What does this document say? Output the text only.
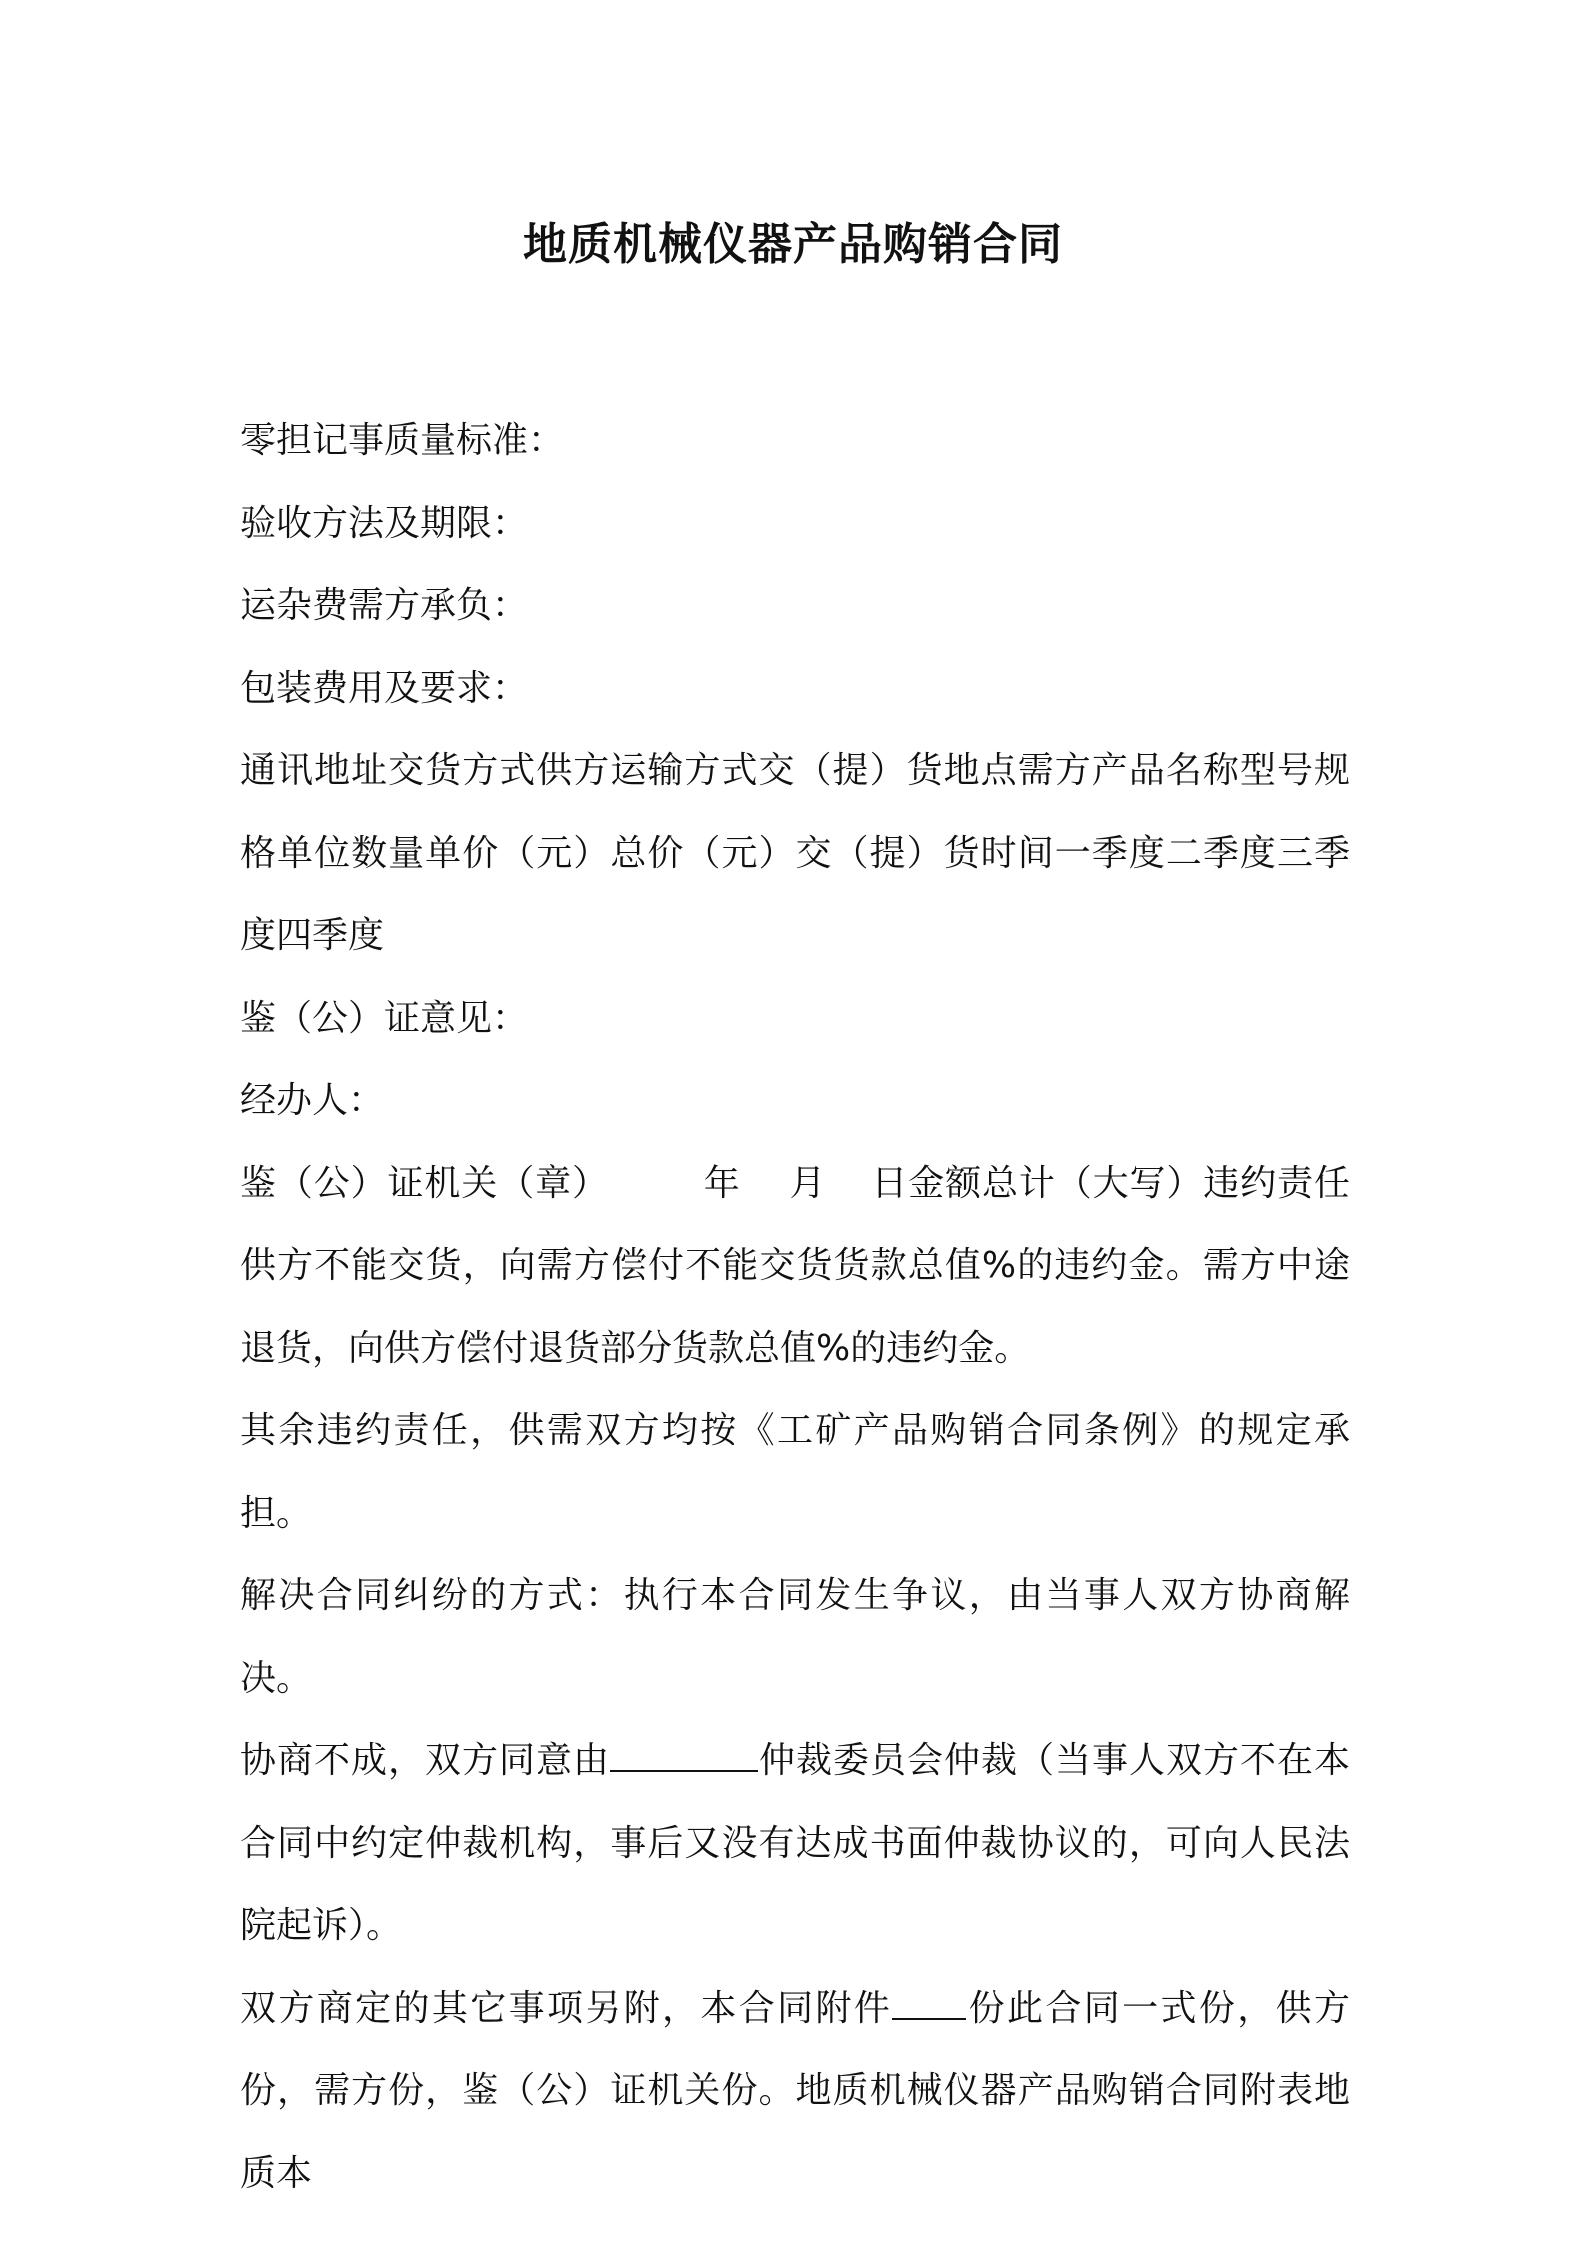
地质机械仪器产品购销合同

零担记事质量标准：

验收方法及期限：

运杂费需方承负：

包装费用及要求：

通讯地址交货方式供方运输方式交（提）货地点需方产品名称型号规格单位数量单价（元）总价（元）交（提）货时间一季度二季度三季度四季度

鉴（公）证意见：

经办人：

鉴（公）证机关（章）	年 月 日金额总计（大写）违约责任供方不能交货，向需方偿付不能交货货款总值%的违约金。需方中途退货，向供方偿付退货部分货款总值%的违约金。

其余违约责任，供需双方均按《工矿产品购销合同条例》的规定承担。

解决合同纠纷的方式：执行本合同发生争议，由当事人双方协商解决。

协商不成，双方同意由	仲裁委员会仲裁（当事人双方不在本合同中约定仲裁机构，事后又没有达成书面仲裁协议的，可向人民法院起诉）。

双方商定的其它事项另附，本合同附件 份此合同一式份，供方份，需方份，鉴（公）证机关份。地质机械仪器产品购销合同附表地质本
